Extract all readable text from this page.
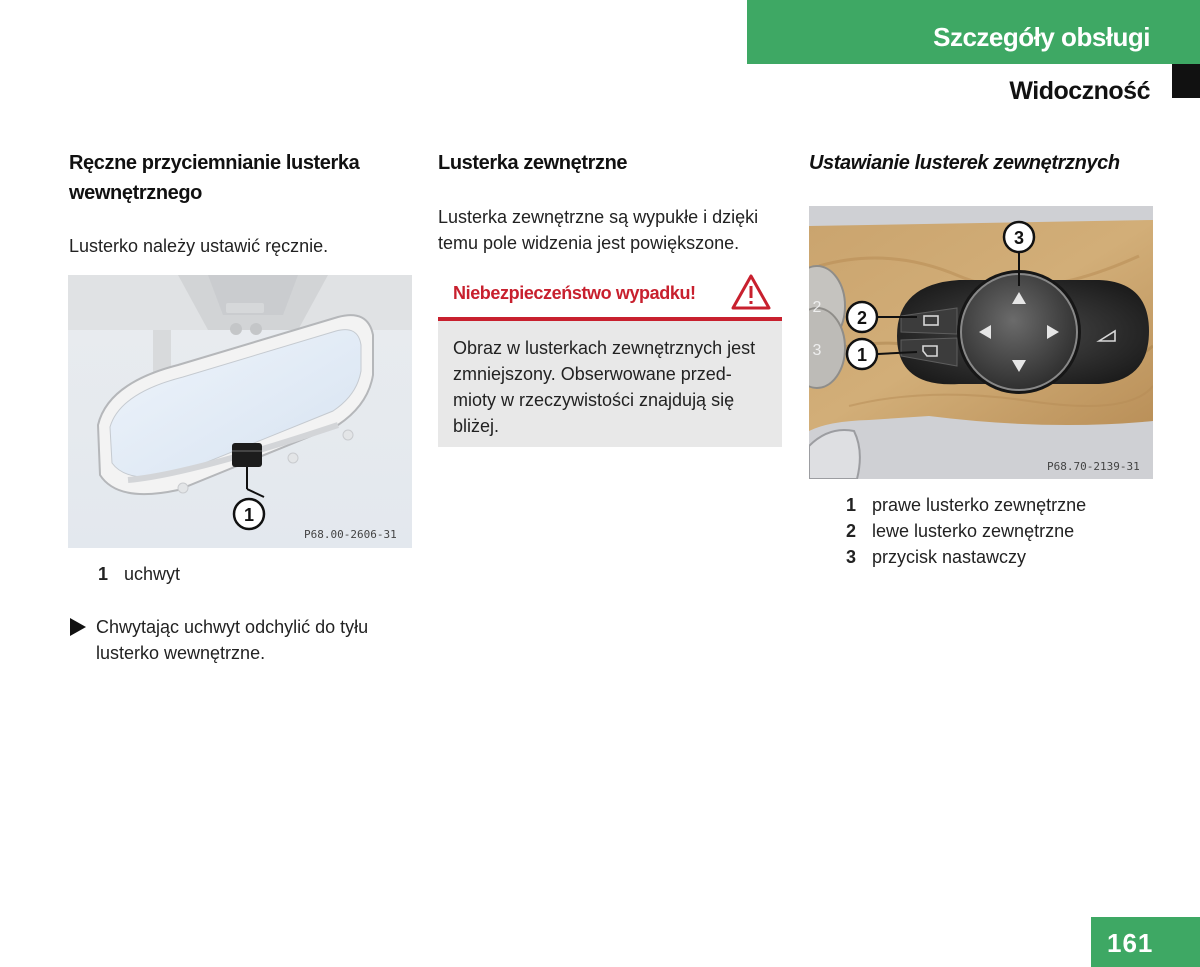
Szczegóły obsługi
Widoczność
Ręczne przyciemnianie lusterka
wewnętrznego
Lusterko należy ustawić ręcznie.
1
P68.00-2606-31
1 uchwyt
Chwytając uchwyt odchylić do tyłu
lusterko wewnętrzne.
Lusterka zewnętrzne
Lusterka zewnętrzne są wypukłe i dzięki
temu pole widzenia jest powiększone.
Niebezpieczeństwo wypadku!
Obraz w lusterkach zewnętrznych jest
zmniejszony. Obserwowane przed-
mioty w rzeczywistości znajdują się
bliżej.
Ustawianie lusterek zewnętrznych
2
3
3
2
1
P68.70-2139-31
1 prawe lusterko zewnętrzne
2 lewe lusterko zewnętrzne
3 przycisk nastawczy
161
